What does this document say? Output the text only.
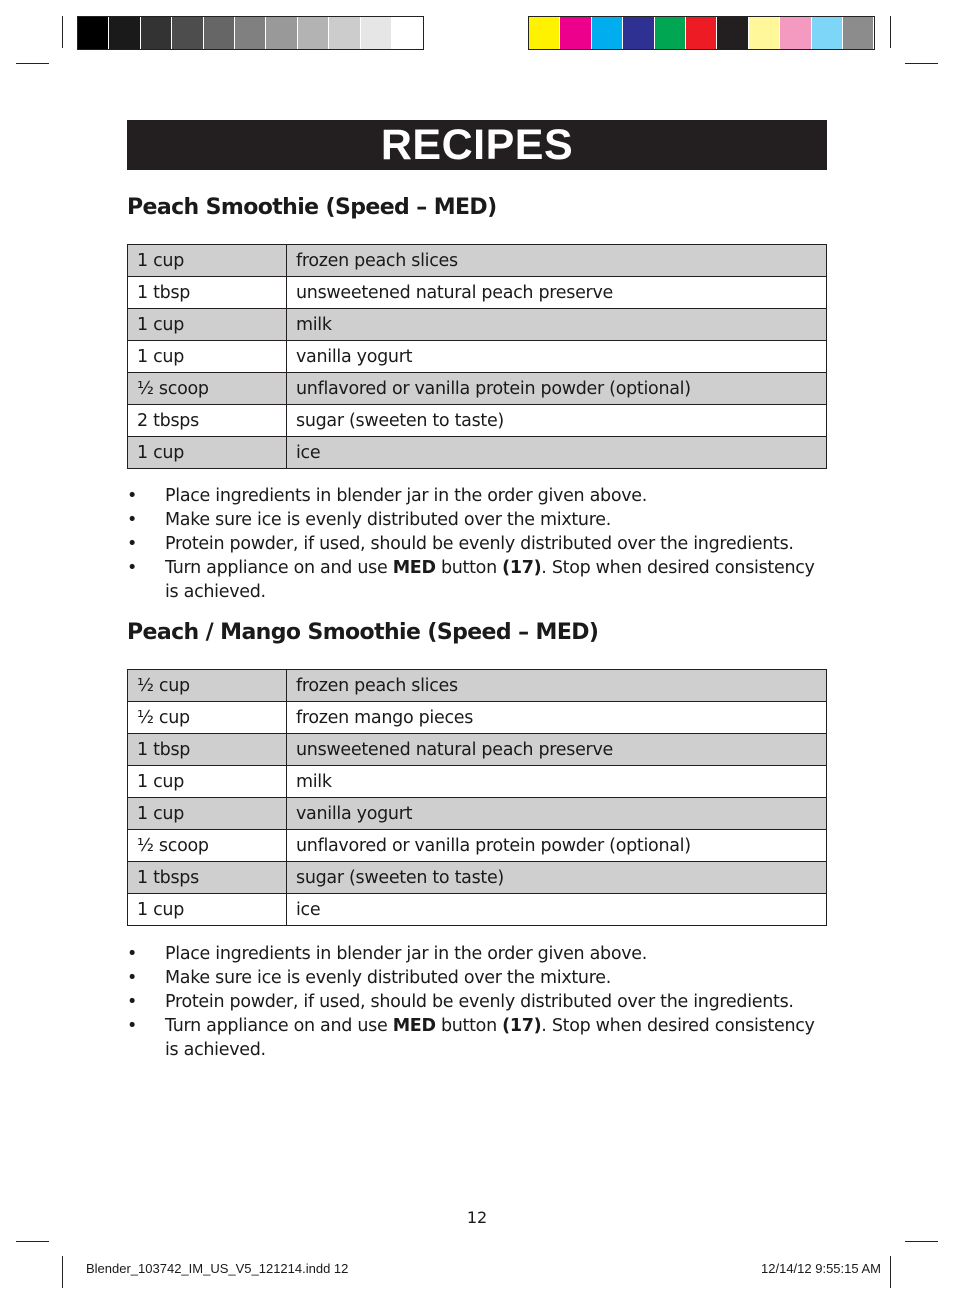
RECIPES
Peach Smoothie (Speed – MED)
1 cup	frozen peach slices
1 tbsp	unsweetened natural peach preserve
1 cup	milk
1 cup	vanilla yogurt
½ scoop	unflavored or vanilla protein powder (optional)
2 tbsps	sugar (sweeten to taste)
1 cup	ice
• Place ingredients in blender jar in the order given above.
• Make sure ice is evenly distributed over the mixture.
• Protein powder, if used, should be evenly distributed over the ingredients.
• Turn appliance on and use MED button (17). Stop when desired consistency is achieved.
Peach / Mango Smoothie (Speed – MED)
½ cup	frozen peach slices
½ cup	frozen mango pieces
1 tbsp	unsweetened natural peach preserve
1 cup	milk
1 cup	vanilla yogurt
½ scoop	unflavored or vanilla protein powder (optional)
1 tbsps	sugar (sweeten to taste)
1 cup	ice
• Place ingredients in blender jar in the order given above.
• Make sure ice is evenly distributed over the mixture.
• Protein powder, if used, should be evenly distributed over the ingredients.
• Turn appliance on and use MED button (17). Stop when desired consistency is achieved.
12
Blender_103742_IM_US_V5_121214.indd 12	12/14/12 9:55:15 AM
